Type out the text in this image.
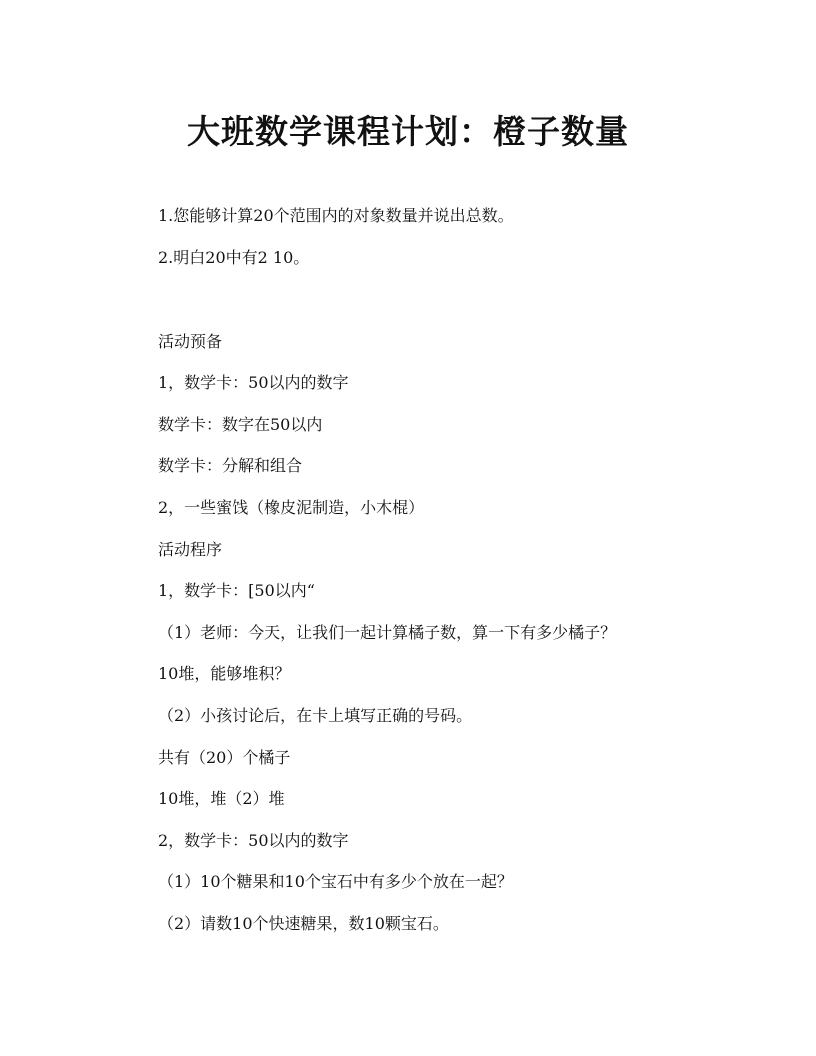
大班数学课程计划：橙子数量

1.您能够计算20个范围内的对象数量并说出总数。

2.明白20中有2 10。

活动预备

1，数学卡：50以内的数字

数学卡：数字在50以内

数学卡：分解和组合

2，一些蜜饯（橡皮泥制造，小木棍）

活动程序

1，数学卡：[50以内“

（1）老师：今天，让我们一起计算橘子数，算一下有多少橘子？

10堆，能够堆积？

（2）小孩讨论后，在卡上填写正确的号码。

共有（20）个橘子

10堆，堆（2）堆

2，数学卡：50以内的数字

（1）10个糖果和10个宝石中有多少个放在一起？

（2）请数10个快速糖果，数10颗宝石。
